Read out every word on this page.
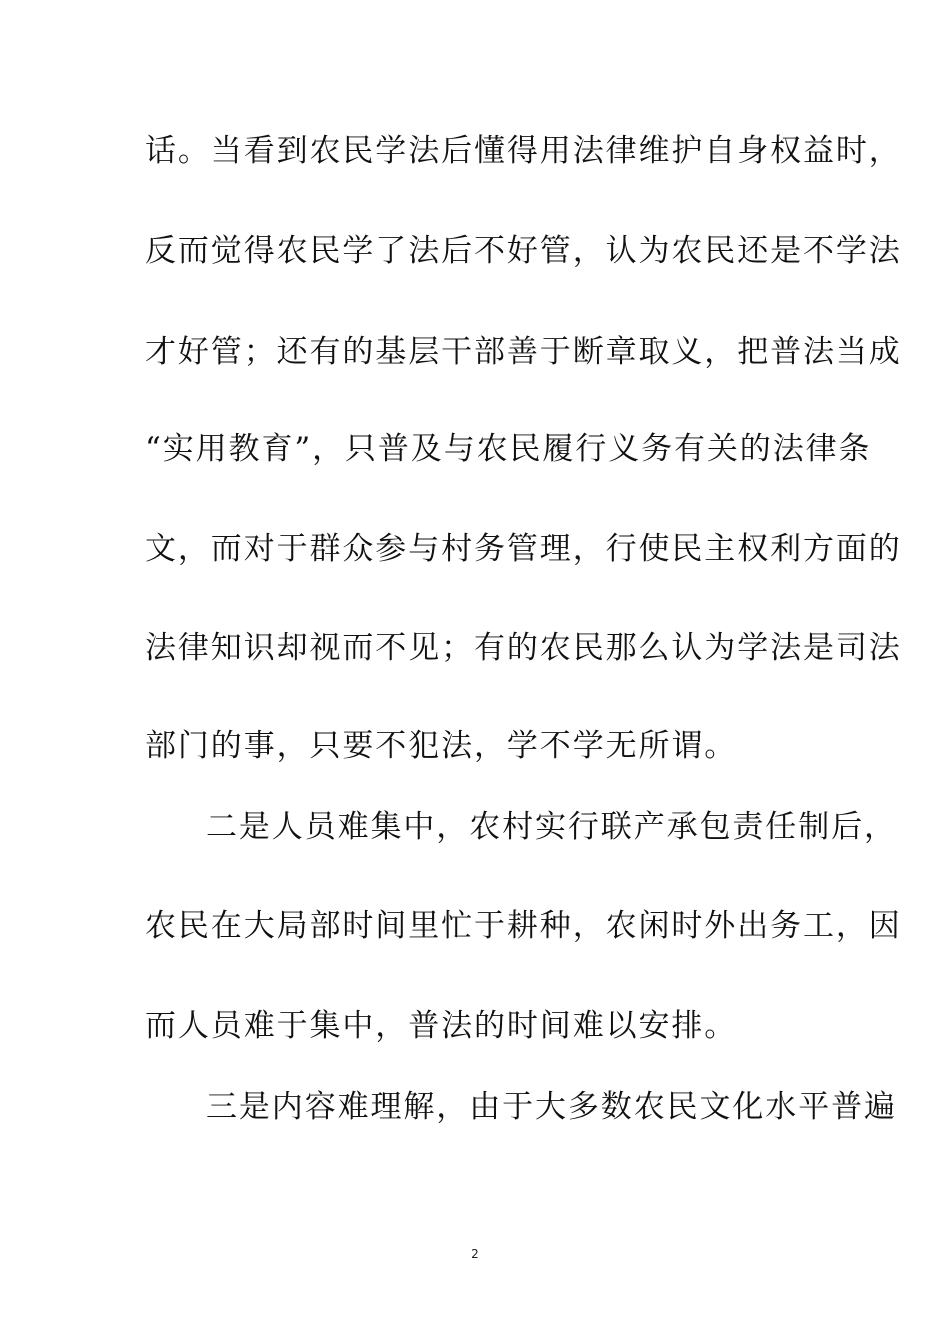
话。当看到农民学法后懂得用法律维护自身权益时，
反而觉得农民学了法后不好管，认为农民还是不学法
才好管；还有的基层干部善于断章取义，把普法当成
“实用教育”，只普及与农民履行义务有关的法律条
文，而对于群众参与村务管理，行使民主权利方面的
法律知识却视而不见；有的农民那么认为学法是司法
部门的事，只要不犯法，学不学无所谓。
二是人员难集中，农村实行联产承包责任制后，
农民在大局部时间里忙于耕种，农闲时外出务工，因
而人员难于集中，普法的时间难以安排。
三是内容难理解，由于大多数农民文化水平普遍
2
